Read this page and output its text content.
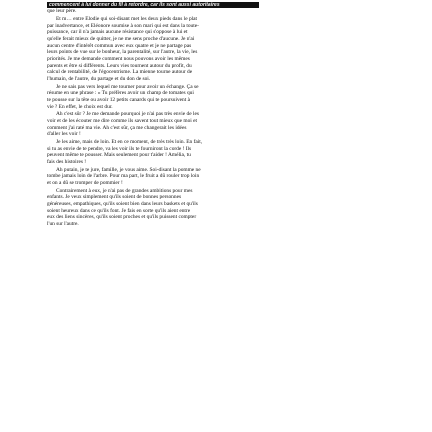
commencent à lui donner du fil à retordre, car ils sont aussi autoritaires
que leur père.
Et m… entre Elodie qui soi-disant met les deux pieds dans le plat
par inadvertance, et Eléonore soumise à son mari qui est dans la toute-
puissance, car il n'a jamais aucune résistance qui s'oppose à lui et
qu'elle ferait mieux de quitter, je ne me sens proche d'aucune. Je n'ai
aucun centre d'intérêt commun avec eux quatre et je ne partage pas
leurs points de vue sur le bonheur, la parentalité, sur l'autre, la vie, les
priorités. Je me demande comment nous pouvons avoir les mêmes
parents et être si différents. Leurs vies tournent autour du profit, du
calcul de rentabilité, de l'égocentrisme. La mienne tourne autour de
l'humain, de l'autre, du partage et du don de soi.
Je ne sais pas vers lequel me tourner pour avoir un échange. Ça se
résume en une phrase : « Tu préfères avoir un champ de tomates qui
te pousse sur la tête ou avoir 12 petits canards qui te poursuivent à
vie ? En effet, le choix est dur.
Ah c'est sûr ? Je me demande pourquoi je n'ai pas très envie de les
voir et de les écouter me dire comme ils savent tout mieux que moi et
comment j'ai raté ma vie. Ah c'est sûr, ça me changerait les idées
d'aller les voir !
Je les aime, mais de loin. Et en ce moment, de très très loin. En fait,
si tu as envie de te pendre, va les voir ils te fourniront la corde ! Ils
peuvent même te pousser. Mais seulement pour t'aider ! Amélia, tu
fais des histoires !
Ah putain, je te jure, famille, je vous aime. Soi-disant la pomme ne
tombe jamais loin de l'arbre. Pour ma part, le fruit a dû rouler trop loin
et on a dû se tromper de pommier !
Contrairement à eux, je n'ai pas de grandes ambitions pour mes
enfants. Je veux simplement qu'ils soient de bonnes personnes
généreuses, empathiques, qu'ils soient bien dans leurs baskets et qu'ils
soient heureux dans ce qu'ils font. Je fais en sorte qu'ils aient entre
eux des liens sincères, qu'ils soient proches et qu'ils puissent compter
l'un sur l'autre.
